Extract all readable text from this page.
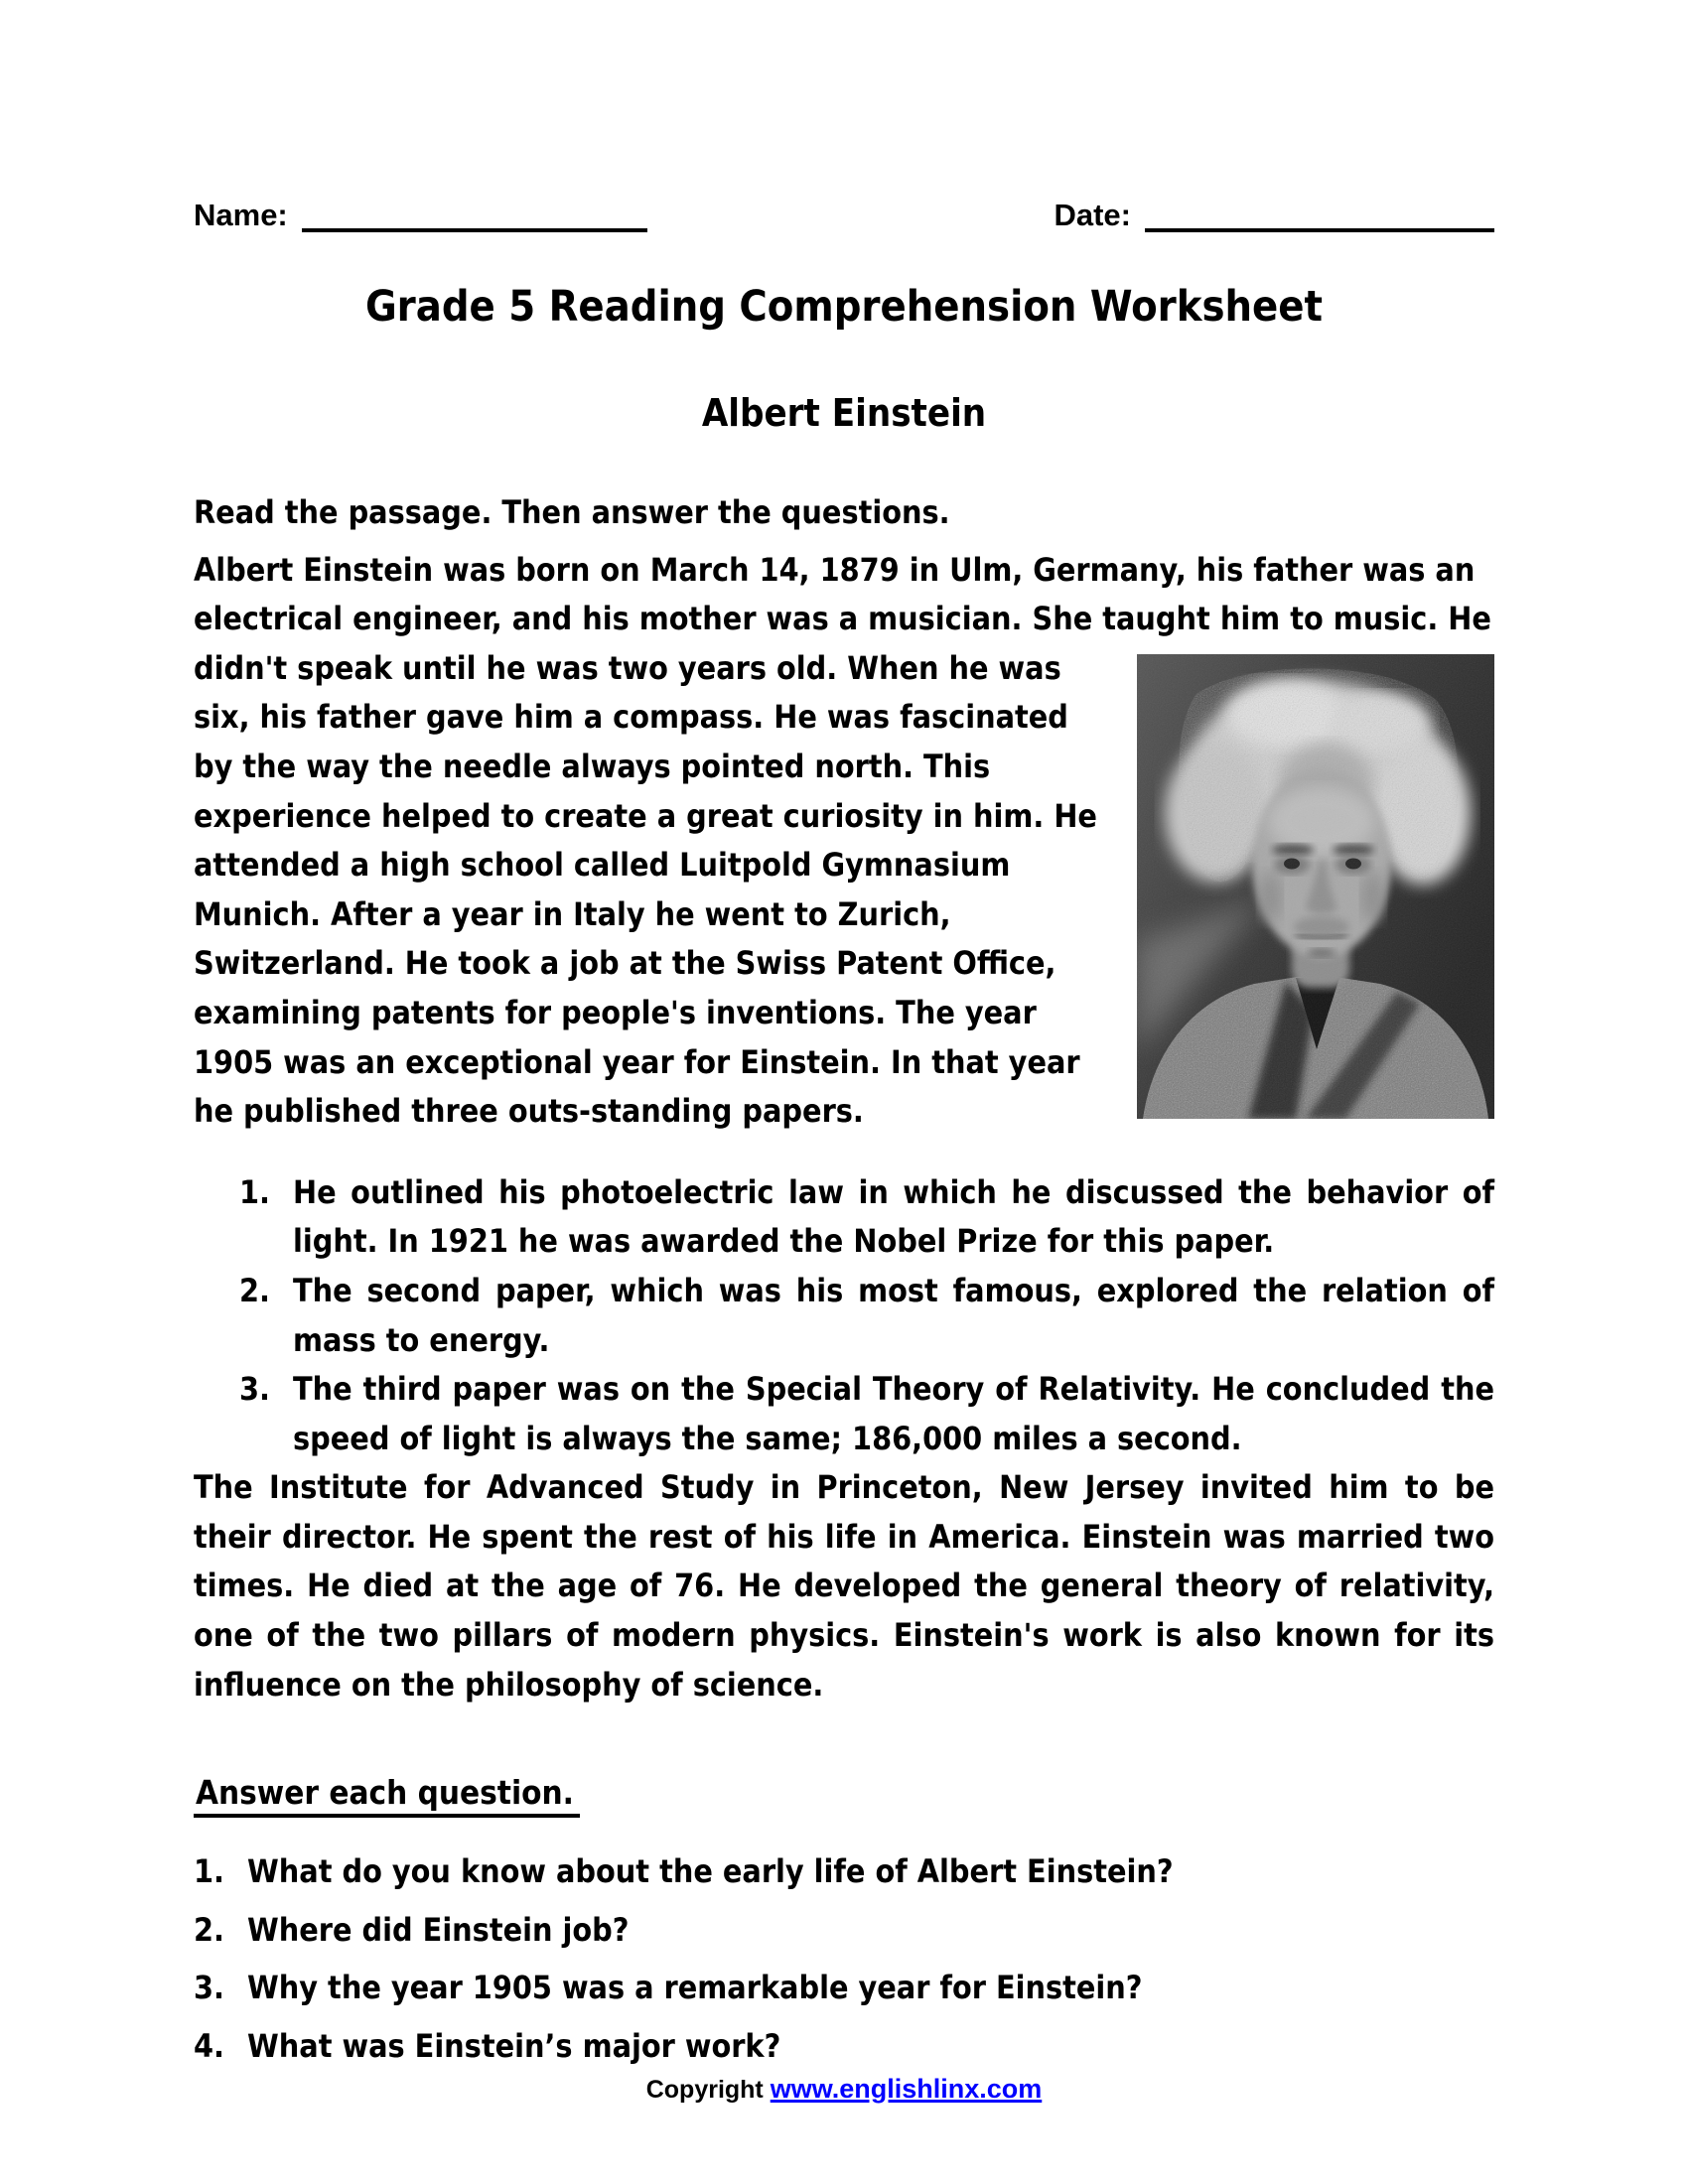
Name:	Date:
Grade 5 Reading Comprehension Worksheet
Albert Einstein
Read the passage. Then answer the questions.

Albert Einstein was born on March 14, 1879 in Ulm, Germany, his father was an electrical engineer, and his mother was a musician. She taught him to music. He
didn't speak until he was two years old. When he was six, his father gave him a compass. He was fascinated by the way the needle always pointed north. This experience helped to create a great curiosity in him. He attended a high school called Luitpold Gymnasium Munich. After a year in Italy he went to Zurich, Switzerland. He took a job at the Swiss Patent Office, examining patents for people's inventions. The year 1905 was an exceptional year for Einstein. In that year he published three outs-standing papers.

1. He outlined his photoelectric law in which he discussed the behavior of light. In 1921 he was awarded the Nobel Prize for this paper.
2. The second paper, which was his most famous, explored the relation of mass to energy.
3. The third paper was on the Special Theory of Relativity. He concluded the speed of light is always the same; 186,000 miles a second.

The Institute for Advanced Study in Princeton, New Jersey invited him to be their director. He spent the rest of his life in America. Einstein was married two times. He died at the age of 76. He developed the general theory of relativity, one of the two pillars of modern physics. Einstein's work is also known for its influence on the philosophy of science.

Answer each question.
1. What do you know about the early life of Albert Einstein?
2. Where did Einstein job?
3. Why the year 1905 was a remarkable year for Einstein?
4. What was Einstein’s major work?
Copyright www.englishlinx.com
